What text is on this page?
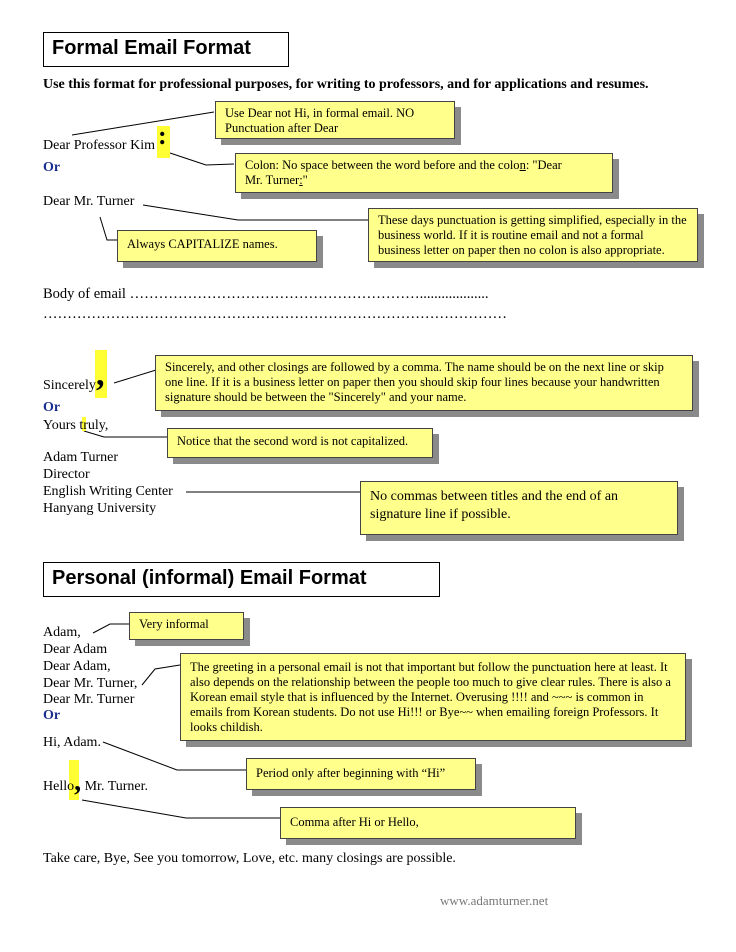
Formal Email Format
Use this format for professional purposes, for writing to professors, and for applications and resumes.
:
Dear Professor Kim
Or
Dear Mr. Turner
Use Dear not Hi, in formal email. NO Punctuation after Dear
Colon: No space between the word before and the colon: "Dear
Mr. Turner:"
These days punctuation is getting simplified, especially in the business world. If it is routine email and not a formal business letter on paper then no colon is also appropriate.
Always CAPITALIZE names.
Body of email ……………………………………………………...................
……………………………………………………………………………………
,
Sincerely
Or
Yours truly,
Adam Turner
Director
English Writing Center
Hanyang University
Sincerely, and other closings are followed by a comma. The name should be on the next line or skip one line. If it is a business letter on paper then you should skip four lines because your handwritten signature should be between the "Sincerely" and your name.
Notice that the second word is not capitalized.
No commas between titles and the end of an signature line if possible.
Personal (informal) Email Format
Adam,
Dear Adam
Dear Adam,
Dear Mr. Turner,
Dear Mr. Turner
Or
Hi, Adam.
Hello, Mr. Turner.
Very informal
The greeting in a personal email is not that important but follow the punctuation here at least. It also depends on the relationship between the people too much to give clear rules. There is also a Korean email style that is influenced by the Internet. Overusing !!!! and ~~~ is common in emails from Korean students. Do not use Hi!!! or Bye~~ when emailing foreign Professors. It looks childish.
Period only after beginning with “Hi”
Comma after Hi or Hello,
Take care, Bye, See you tomorrow, Love, etc. many closings are possible.
www.adamturner.net
